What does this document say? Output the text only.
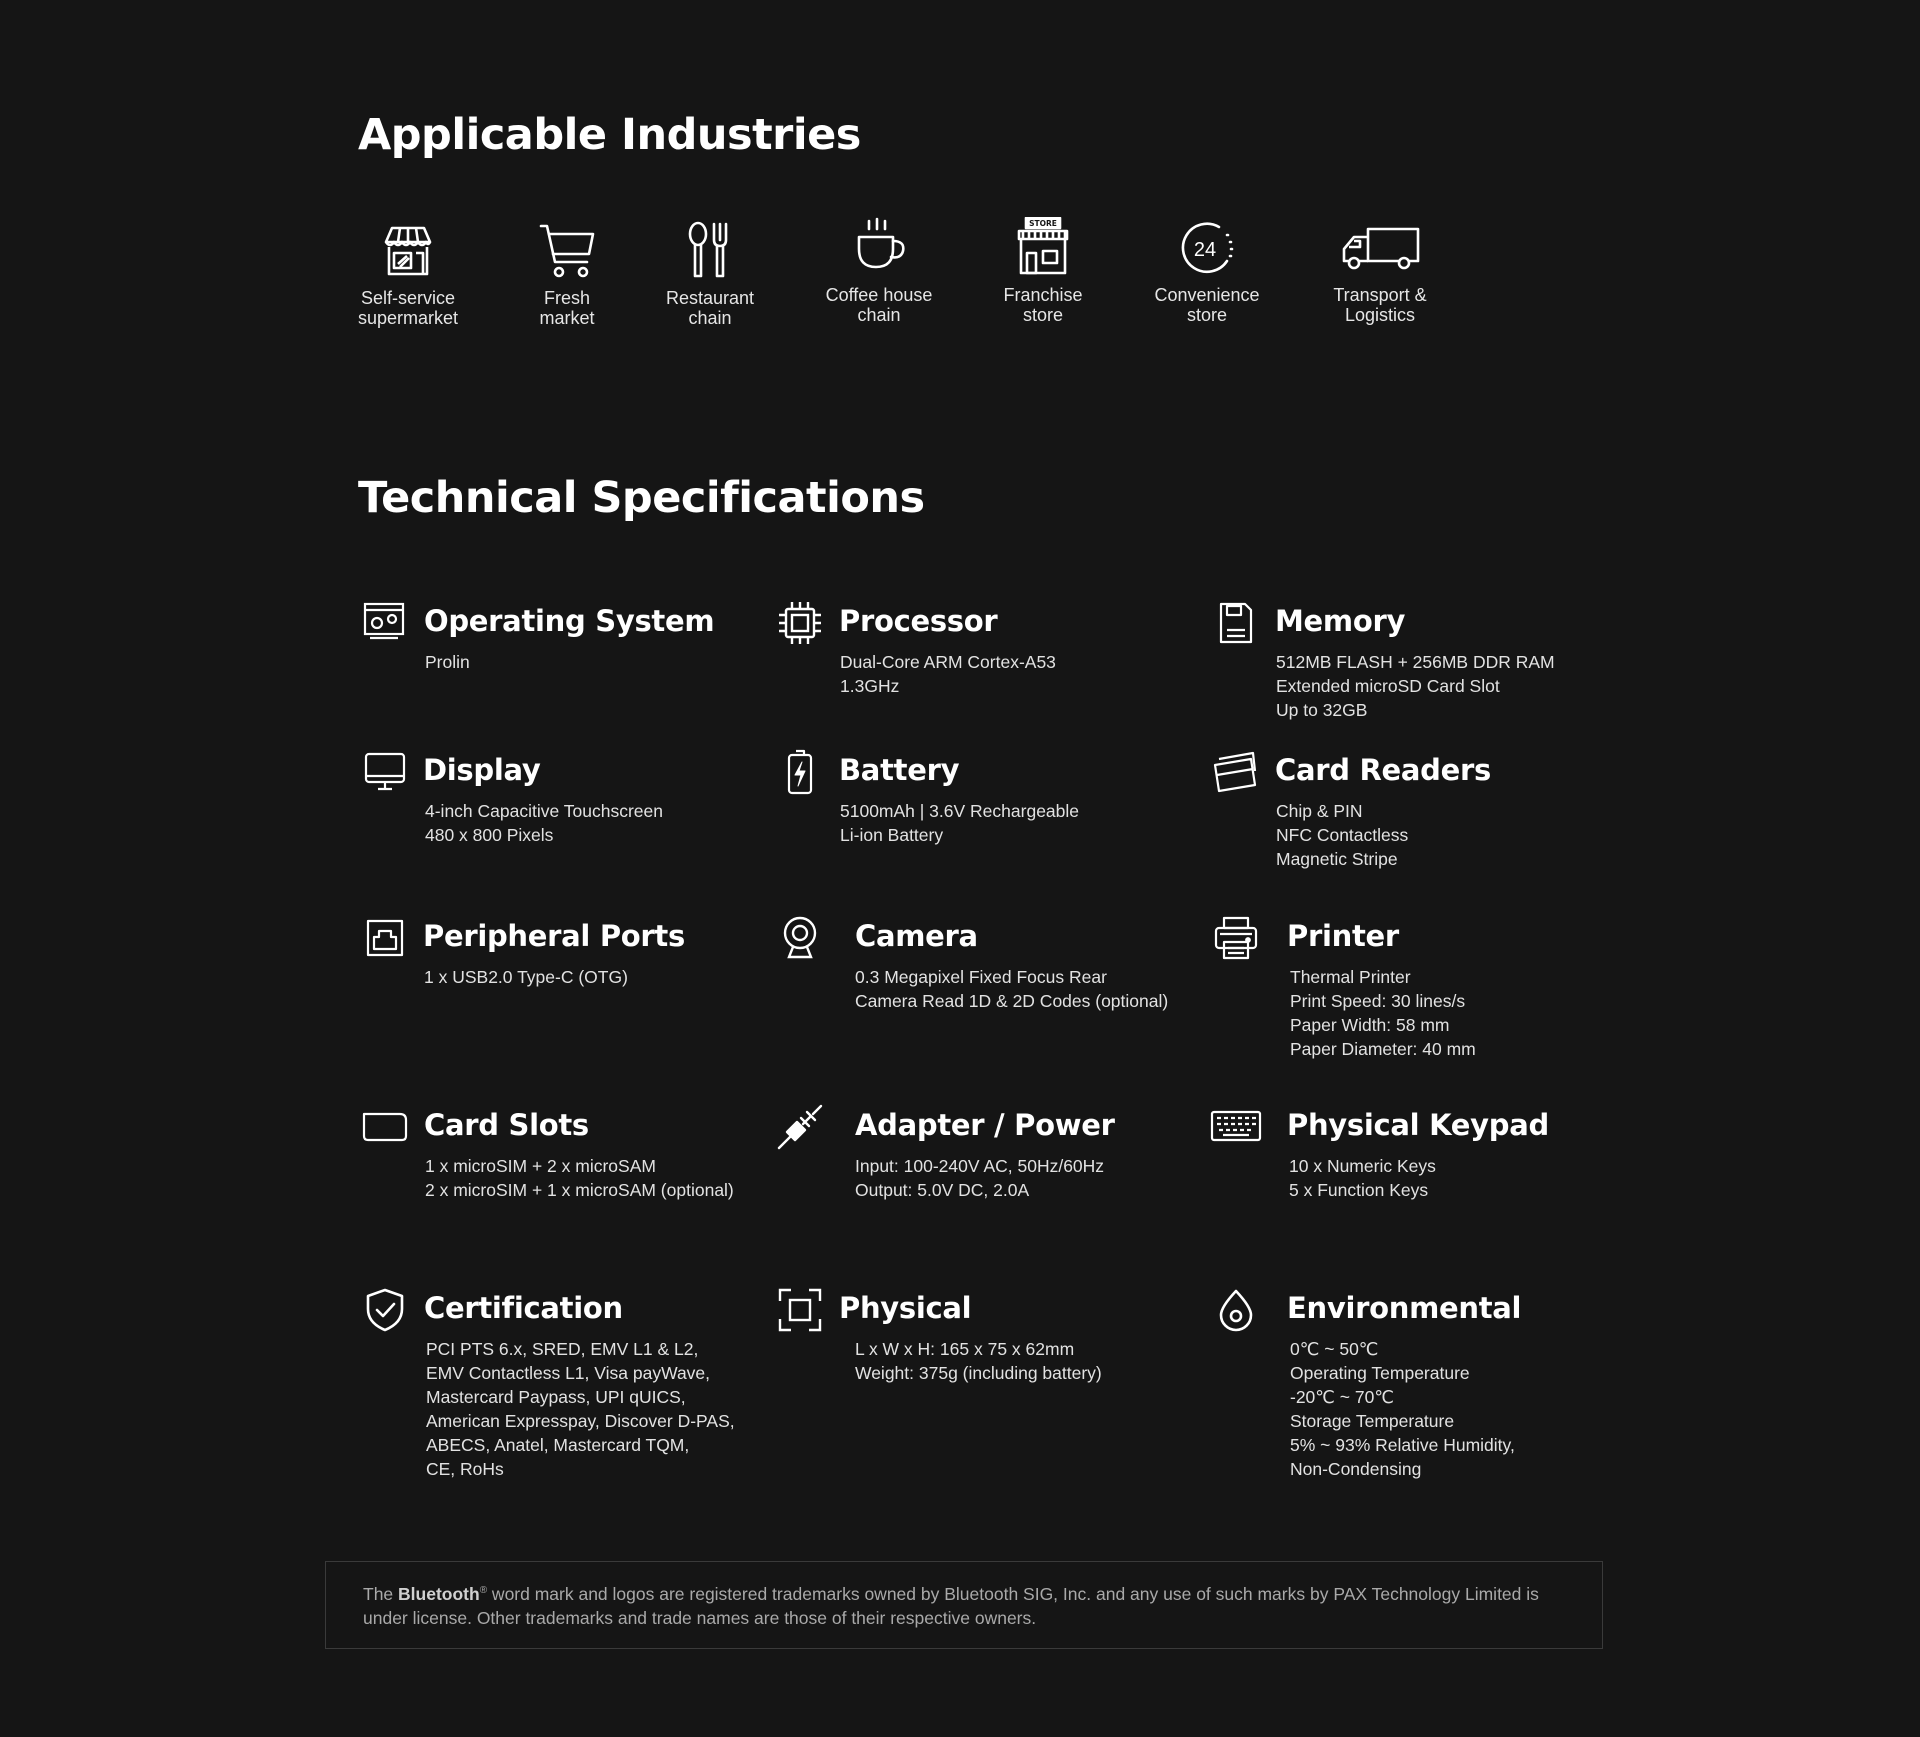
Applicable Industries
Self-service
supermarket
Fresh
market
Restaurant
chain
Coffee house
chain
STORE
Franchise
store
24
Convenience
store
Transport &
Logistics
Technical Specifications
Operating System
Prolin
Processor
Dual-Core ARM Cortex-A53
1.3GHz
Memory
512MB FLASH + 256MB DDR RAM
Extended microSD Card Slot
Up to 32GB
Display
4-inch Capacitive Touchscreen
480 x 800 Pixels
Battery
5100mAh | 3.6V Rechargeable
Li-ion Battery
Card Readers
Chip & PIN
NFC Contactless
Magnetic Stripe
Peripheral Ports
1 x USB2.0 Type-C (OTG)
Camera
0.3 Megapixel Fixed Focus Rear
Camera Read 1D & 2D Codes (optional)
Printer
Thermal Printer
Print Speed: 30 lines/s
Paper Width: 58 mm
Paper Diameter: 40 mm
Card Slots
1 x microSIM + 2 x microSAM
2 x microSIM + 1 x microSAM (optional)
Adapter / Power
Input: 100-240V AC, 50Hz/60Hz
Output: 5.0V DC, 2.0A
Physical Keypad
10 x Numeric Keys
5 x Function Keys
Certification
PCI PTS 6.x, SRED, EMV L1 & L2,
EMV Contactless L1, Visa payWave,
Mastercard Paypass, UPI qUICS,
American Expresspay, Discover D-PAS,
ABECS, Anatel, Mastercard TQM,
CE, RoHs
Physical
L x W x H: 165 x 75 x 62mm
Weight: 375g (including battery)
Environmental
0℃ ~ 50℃
Operating Temperature
-20℃ ~ 70℃
Storage Temperature
5% ~ 93% Relative Humidity,
Non-Condensing
The Bluetooth® word mark and logos are registered trademarks owned by Bluetooth SIG, Inc. and any use of such marks by PAX Technology Limited is under license. Other trademarks and trade names are those of their respective owners.
